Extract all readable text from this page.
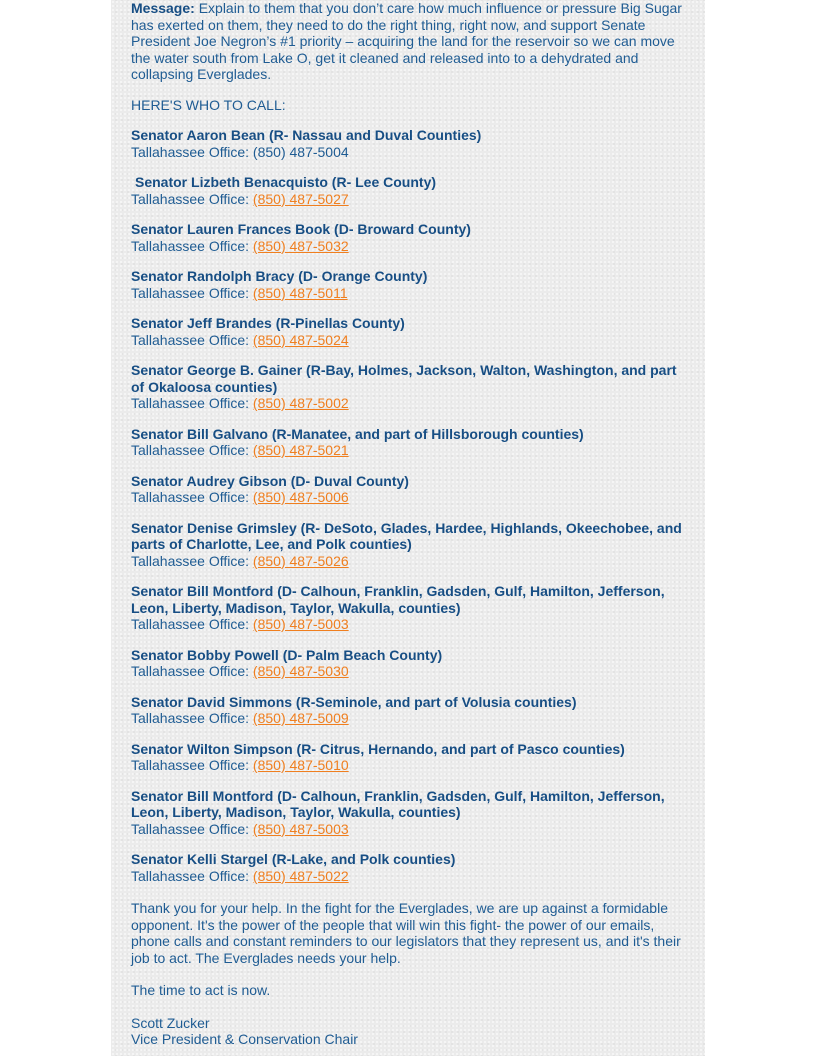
Message: Explain to them that you don’t care how much influence or pressure Big Sugar has exerted on them, they need to do the right thing, right now, and support Senate President Joe Negron’s #1 priority – acquiring the land for the reservoir so we can move the water south from Lake O, get it cleaned and released into to a dehydrated and collapsing Everglades.

HERE'S WHO TO CALL:

Senator Aaron Bean (R- Nassau and Duval Counties)
Tallahassee Office: (850) 487-5004
Senator Lizbeth Benacquisto (R- Lee County)
Tallahassee Office: (850) 487-5027
Senator Lauren Frances Book (D- Broward County)
Tallahassee Office: (850) 487-5032
Senator Randolph Bracy (D- Orange County)
Tallahassee Office: (850) 487-5011
Senator Jeff Brandes (R-Pinellas County)
Tallahassee Office: (850) 487-5024
Senator George B. Gainer (R-Bay, Holmes, Jackson, Walton, Washington, and part of Okaloosa counties)
Tallahassee Office: (850) 487-5002
Senator Bill Galvano (R-Manatee, and part of Hillsborough counties)
Tallahassee Office: (850) 487-5021
Senator Audrey Gibson (D- Duval County)
Tallahassee Office: (850) 487-5006
Senator Denise Grimsley (R- DeSoto, Glades, Hardee, Highlands, Okeechobee, and parts of Charlotte, Lee, and Polk counties)
Tallahassee Office: (850) 487-5026
Senator Bill Montford (D- Calhoun, Franklin, Gadsden, Gulf, Hamilton, Jefferson, Leon, Liberty, Madison, Taylor, Wakulla, counties)
Tallahassee Office: (850) 487-5003
Senator Bobby Powell (D- Palm Beach County)
Tallahassee Office: (850) 487-5030
Senator David Simmons (R-Seminole, and part of Volusia counties)
Tallahassee Office: (850) 487-5009
Senator Wilton Simpson (R- Citrus, Hernando, and part of Pasco counties)
Tallahassee Office: (850) 487-5010
Senator Bill Montford (D- Calhoun, Franklin, Gadsden, Gulf, Hamilton, Jefferson, Leon, Liberty, Madison, Taylor, Wakulla, counties)
Tallahassee Office: (850) 487-5003
Senator Kelli Stargel (R-Lake, and Polk counties)
Tallahassee Office: (850) 487-5022

Thank you for your help. In the fight for the Everglades, we are up against a formidable opponent. It's the power of the people that will win this fight- the power of our emails, phone calls and constant reminders to our legislators that they represent us, and it's their job to act. The Everglades needs your help.

The time to act is now.

Scott Zucker
Vice President & Conservation Chair
